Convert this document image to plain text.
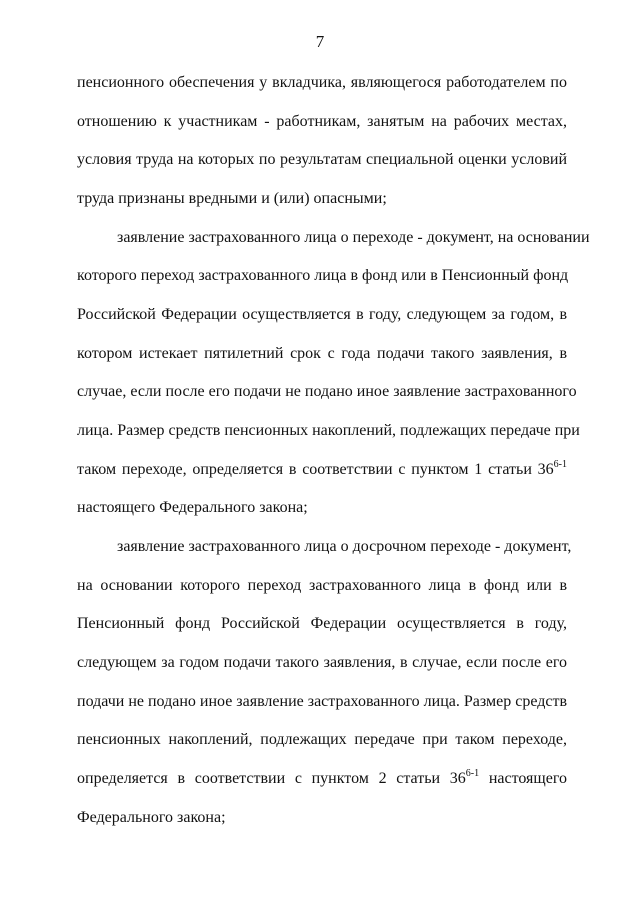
7
пенсионного обеспечения у вкладчика, являющегося работодателем по
отношению к участникам - работникам, занятым на рабочих местах,
условия труда на которых по результатам специальной оценки условий
труда признаны вредными и (или) опасными;
заявление застрахованного лица о переходе - документ, на основании
которого переход застрахованного лица в фонд или в Пенсионный фонд
Российской Федерации осуществляется в году, следующем за годом, в
котором истекает пятилетний срок с года подачи такого заявления, в
случае, если после его подачи не подано иное заявление застрахованного
лица. Размер средств пенсионных накоплений, подлежащих передаче при
таком переходе, определяется в соответствии с пунктом 1 статьи 36$^{6-1}$
настоящего Федерального закона;
заявление застрахованного лица о досрочном переходе - документ,
на основании которого переход застрахованного лица в фонд или в
Пенсионный фонд Российской Федерации осуществляется в году,
следующем за годом подачи такого заявления, в случае, если после его
подачи не подано иное заявление застрахованного лица. Размер средств
пенсионных накоплений, подлежащих передаче при таком переходе,
определяется в соответствии с пунктом 2 статьи 36$^{6-1}$ настоящего
Федерального закона;
